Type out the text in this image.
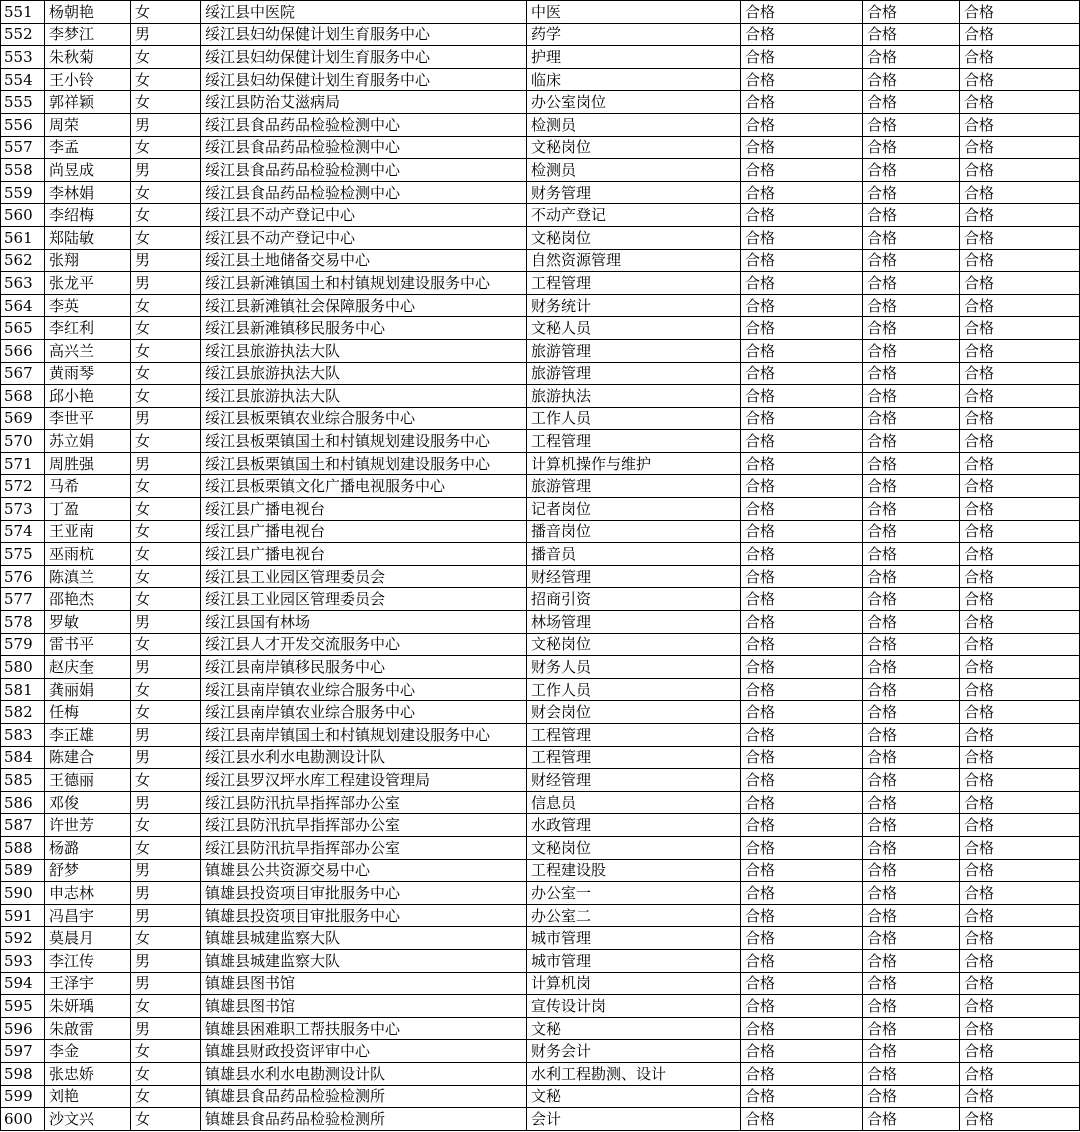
551	杨朝艳	女	绥江县中医院	中医	合格	合格	合格
552	李梦江	男	绥江县妇幼保健计划生育服务中心	药学	合格	合格	合格
553	朱秋菊	女	绥江县妇幼保健计划生育服务中心	护理	合格	合格	合格
554	王小铃	女	绥江县妇幼保健计划生育服务中心	临床	合格	合格	合格
555	郭祥颖	女	绥江县防治艾滋病局	办公室岗位	合格	合格	合格
556	周荣	男	绥江县食品药品检验检测中心	检测员	合格	合格	合格
557	李孟	女	绥江县食品药品检验检测中心	文秘岗位	合格	合格	合格
558	尚昱成	男	绥江县食品药品检验检测中心	检测员	合格	合格	合格
559	李林娟	女	绥江县食品药品检验检测中心	财务管理	合格	合格	合格
560	李绍梅	女	绥江县不动产登记中心	不动产登记	合格	合格	合格
561	郑陆敏	女	绥江县不动产登记中心	文秘岗位	合格	合格	合格
562	张翔	男	绥江县土地储备交易中心	自然资源管理	合格	合格	合格
563	张龙平	男	绥江县新滩镇国土和村镇规划建设服务中心	工程管理	合格	合格	合格
564	李英	女	绥江县新滩镇社会保障服务中心	财务统计	合格	合格	合格
565	李红利	女	绥江县新滩镇移民服务中心	文秘人员	合格	合格	合格
566	高兴兰	女	绥江县旅游执法大队	旅游管理	合格	合格	合格
567	黄雨琴	女	绥江县旅游执法大队	旅游管理	合格	合格	合格
568	邱小艳	女	绥江县旅游执法大队	旅游执法	合格	合格	合格
569	李世平	男	绥江县板栗镇农业综合服务中心	工作人员	合格	合格	合格
570	苏立娟	女	绥江县板栗镇国土和村镇规划建设服务中心	工程管理	合格	合格	合格
571	周胜强	男	绥江县板栗镇国土和村镇规划建设服务中心	计算机操作与维护	合格	合格	合格
572	马希	女	绥江县板栗镇文化广播电视服务中心	旅游管理	合格	合格	合格
573	丁盈	女	绥江县广播电视台	记者岗位	合格	合格	合格
574	王亚南	女	绥江县广播电视台	播音岗位	合格	合格	合格
575	巫雨杭	女	绥江县广播电视台	播音员	合格	合格	合格
576	陈滇兰	女	绥江县工业园区管理委员会	财经管理	合格	合格	合格
577	邵艳杰	女	绥江县工业园区管理委员会	招商引资	合格	合格	合格
578	罗敏	男	绥江县国有林场	林场管理	合格	合格	合格
579	雷书平	女	绥江县人才开发交流服务中心	文秘岗位	合格	合格	合格
580	赵庆奎	男	绥江县南岸镇移民服务中心	财务人员	合格	合格	合格
581	龚丽娟	女	绥江县南岸镇农业综合服务中心	工作人员	合格	合格	合格
582	任梅	女	绥江县南岸镇农业综合服务中心	财会岗位	合格	合格	合格
583	李正雄	男	绥江县南岸镇国土和村镇规划建设服务中心	工程管理	合格	合格	合格
584	陈建合	男	绥江县水利水电勘测设计队	工程管理	合格	合格	合格
585	王德丽	女	绥江县罗汉坪水库工程建设管理局	财经管理	合格	合格	合格
586	邓俊	男	绥江县防汛抗旱指挥部办公室	信息员	合格	合格	合格
587	许世芳	女	绥江县防汛抗旱指挥部办公室	水政管理	合格	合格	合格
588	杨潞	女	绥江县防汛抗旱指挥部办公室	文秘岗位	合格	合格	合格
589	舒梦	男	镇雄县公共资源交易中心	工程建设股	合格	合格	合格
590	申志林	男	镇雄县投资项目审批服务中心	办公室一	合格	合格	合格
591	冯昌宇	男	镇雄县投资项目审批服务中心	办公室二	合格	合格	合格
592	莫晨月	女	镇雄县城建监察大队	城市管理	合格	合格	合格
593	李江传	男	镇雄县城建监察大队	城市管理	合格	合格	合格
594	王泽宇	男	镇雄县图书馆	计算机岗	合格	合格	合格
595	朱妍瑀	女	镇雄县图书馆	宣传设计岗	合格	合格	合格
596	朱啟雷	男	镇雄县困难职工帮扶服务中心	文秘	合格	合格	合格
597	李金	女	镇雄县财政投资评审中心	财务会计	合格	合格	合格
598	张忠娇	女	镇雄县水利水电勘测设计队	水利工程勘测、设计	合格	合格	合格
599	刘艳	女	镇雄县食品药品检验检测所	文秘	合格	合格	合格
600	沙文兴	女	镇雄县食品药品检验检测所	会计	合格	合格	合格
